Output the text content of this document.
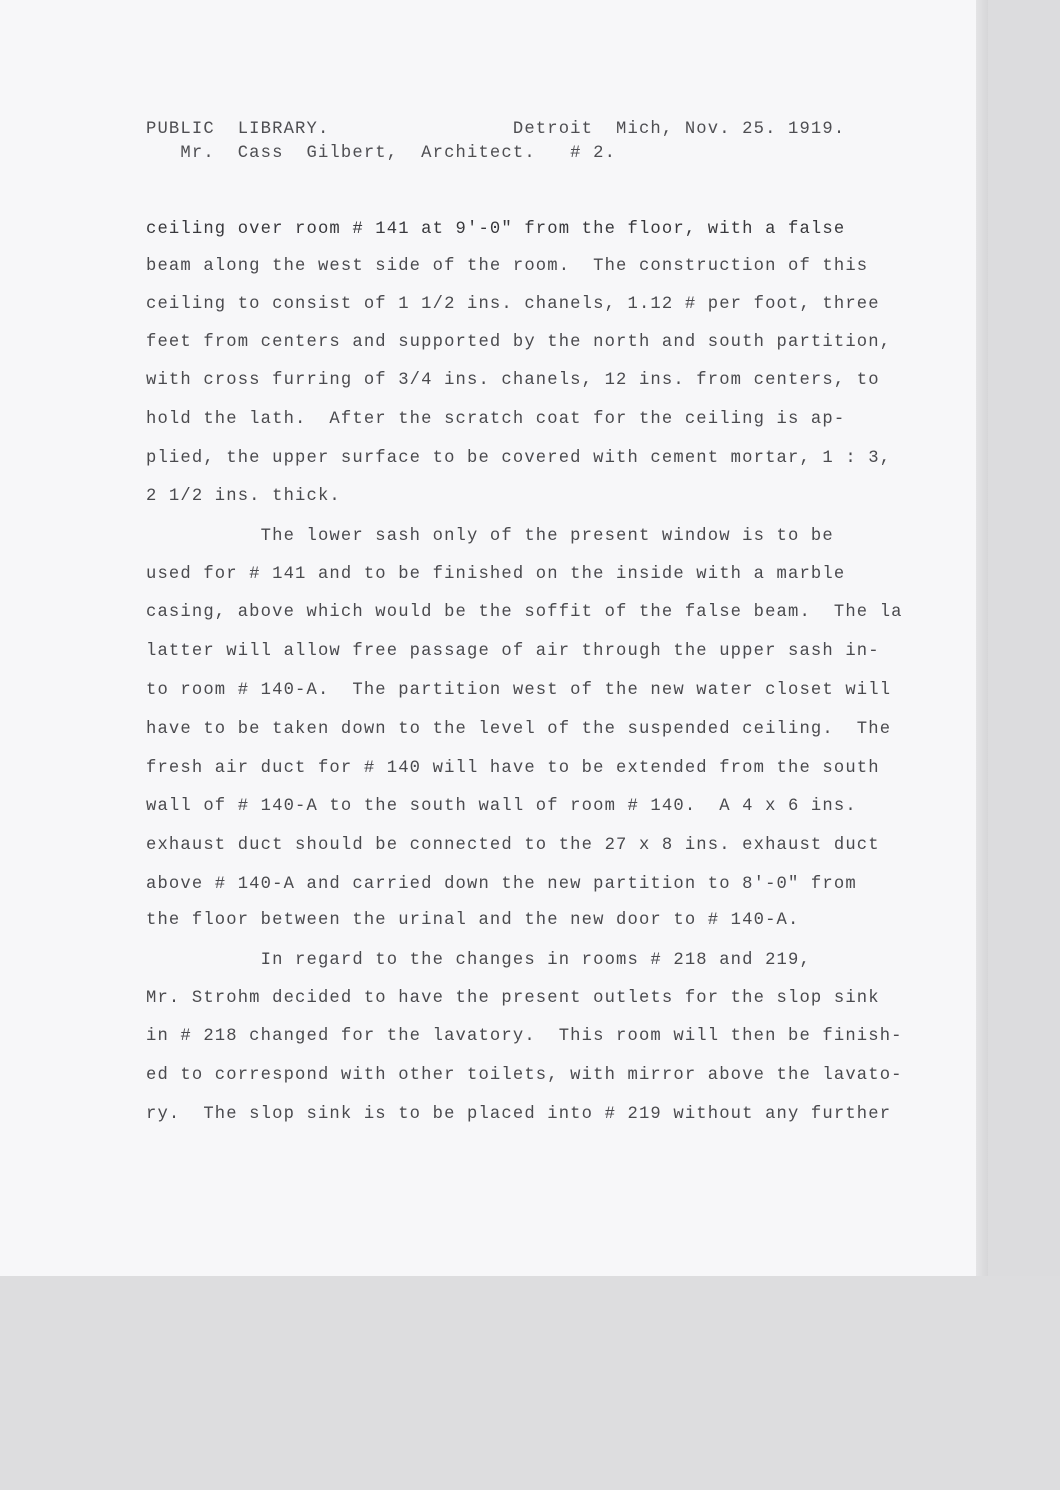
PUBLIC  LIBRARY.                Detroit  Mich, Nov. 25. 1919.

Mr.  Cass  Gilbert,  Architect.   # 2.

ceiling over room # 141 at 9'-0" from the floor, with a false

beam along the west side of the room.  The construction of this

ceiling to consist of 1 1/2 ins. chanels, 1.12 # per foot, three

feet from centers and supported by the north and south partition,

with cross furring of 3/4 ins. chanels, 12 ins. from centers, to

hold the lath.  After the scratch coat for the ceiling is ap-

plied, the upper surface to be covered with cement mortar, 1 : 3,

2 1/2 ins. thick.

The lower sash only of the present window is to be

used for # 141 and to be finished on the inside with a marble

casing, above which would be the soffit of the false beam.  The la

latter will allow free passage of air through the upper sash in-

to room # 140-A.  The partition west of the new water closet will

have to be taken down to the level of the suspended ceiling.  The

fresh air duct for # 140 will have to be extended from the south

wall of # 140-A to the south wall of room # 140.  A 4 x 6 ins.

exhaust duct should be connected to the 27 x 8 ins. exhaust duct

above # 140-A and carried down the new partition to 8'-0" from

the floor between the urinal and the new door to # 140-A.

In regard to the changes in rooms # 218 and 219,

Mr. Strohm decided to have the present outlets for the slop sink

in # 218 changed for the lavatory.  This room will then be finish-

ed to correspond with other toilets, with mirror above the lavato-

ry.  The slop sink is to be placed into # 219 without any further
